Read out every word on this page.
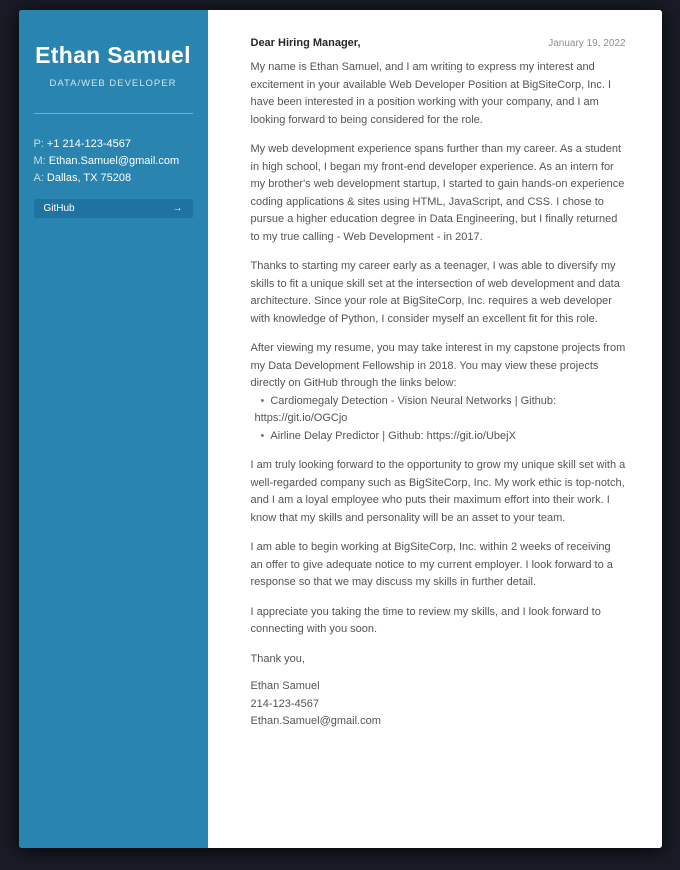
Ethan Samuel
DATA/WEB DEVELOPER
P: +1 214-123-4567
M: Ethan.Samuel@gmail.com
A: Dallas, TX 75208
GitHub	→
Dear Hiring Manager,	January 19, 2022

My name is Ethan Samuel, and I am writing to express my interest and excitement in your available Web Developer Position at BigSiteCorp, Inc. I have been interested in a position working with your company, and I am looking forward to being considered for the role.

My web development experience spans further than my career. As a student in high school, I began my front-end developer experience. As an intern for my brother's web development startup, I started to gain hands-on experience coding applications & sites using HTML, JavaScript, and CSS. I chose to pursue a higher education degree in Data Engineering, but I finally returned to my true calling - Web Development - in 2017.

Thanks to starting my career early as a teenager, I was able to diversify my skills to fit a unique skill set at the intersection of web development and data architecture. Since your role at BigSiteCorp, Inc. requires a web developer with knowledge of Python, I consider myself an excellent fit for this role.

After viewing my resume, you may take interest in my capstone projects from my Data Development Fellowship in 2018. You may view these projects directly on GitHub through the links below:

• Cardiomegaly Detection - Vision Neural Networks | Github: https://git.io/OGCjo
• Airline Delay Predictor | Github: https://git.io/UbejX

I am truly looking forward to the opportunity to grow my unique skill set with a well-regarded company such as BigSiteCorp, Inc. My work ethic is top-notch, and I am a loyal employee who puts their maximum effort into their work. I know that my skills and personality will be an asset to your team.

I am able to begin working at BigSiteCorp, Inc. within 2 weeks of receiving an offer to give adequate notice to my current employer. I look forward to a response so that we may discuss my skills in further detail.

I appreciate you taking the time to review my skills, and I look forward to connecting with you soon.

Thank you,

Ethan Samuel

214-123-4567

Ethan.Samuel@gmail.com
